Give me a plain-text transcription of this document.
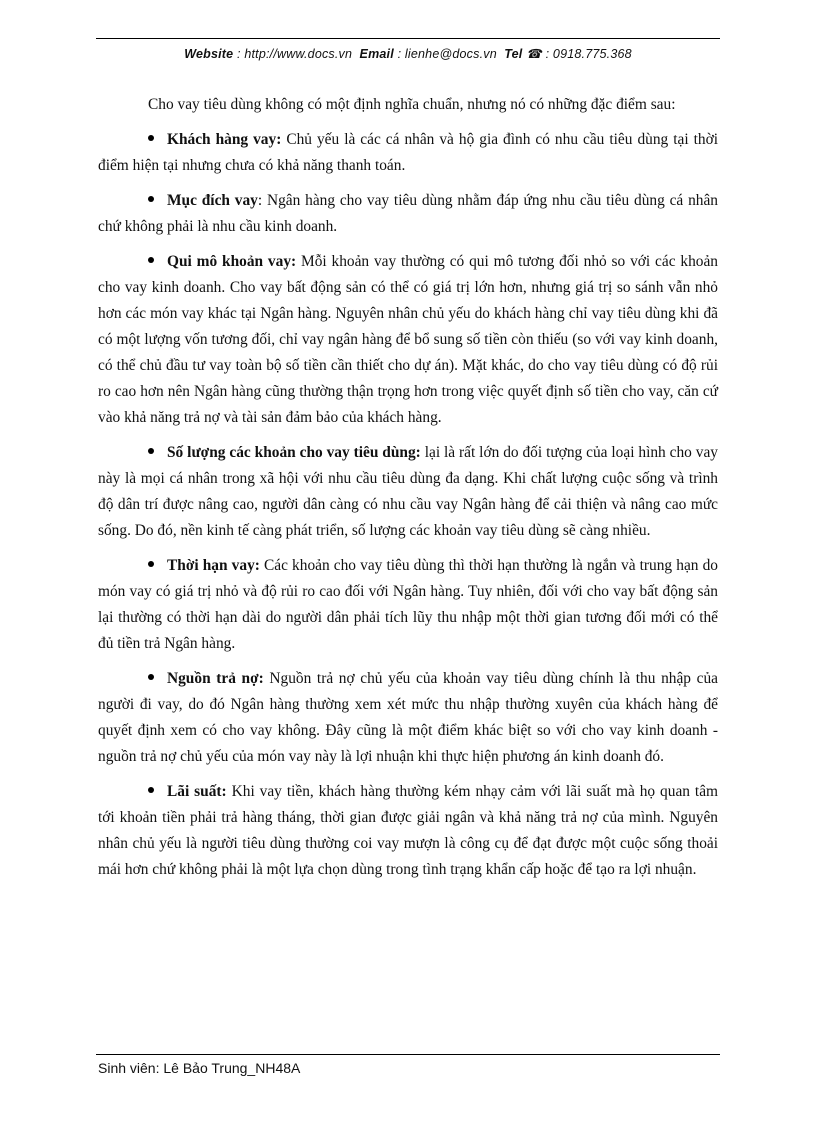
Website : http://www.docs.vn Email : lienhe@docs.vn Tel ☎ : 0918.775.368

Cho vay tiêu dùng không có một định nghĩa chuẩn, nhưng nó có những đặc điểm sau:

Khách hàng vay: Chủ yếu là các cá nhân và hộ gia đình có nhu cầu tiêu dùng tại thời điểm hiện tại nhưng chưa có khả năng thanh toán.

Mục đích vay: Ngân hàng cho vay tiêu dùng nhằm đáp ứng nhu cầu tiêu dùng cá nhân chứ không phải là nhu cầu kinh doanh.

Qui mô khoản vay: Mỗi khoản vay thường có qui mô tương đối nhỏ so với các khoản cho vay kinh doanh. Cho vay bất động sản có thể có giá trị lớn hơn, nhưng giá trị so sánh vẫn nhỏ hơn các món vay khác tại Ngân hàng. Nguyên nhân chủ yếu do khách hàng chỉ vay tiêu dùng khi đã có một lượng vốn tương đối, chỉ vay ngân hàng để bổ sung số tiền còn thiếu (so với vay kinh doanh, có thể chủ đầu tư vay toàn bộ số tiền cần thiết cho dự án). Mặt khác, do cho vay tiêu dùng có độ rủi ro cao hơn nên Ngân hàng cũng thường thận trọng hơn trong việc quyết định số tiền cho vay, căn cứ vào khả năng trả nợ và tài sản đảm bảo của khách hàng.

Số lượng các khoản cho vay tiêu dùng: lại là rất lớn do đối tượng của loại hình cho vay này là mọi cá nhân trong xã hội với nhu cầu tiêu dùng đa dạng. Khi chất lượng cuộc sống và trình độ dân trí được nâng cao, người dân càng có nhu cầu vay Ngân hàng để cải thiện và nâng cao mức sống. Do đó, nền kinh tế càng phát triển, số lượng các khoản vay tiêu dùng sẽ càng nhiều.

Thời hạn vay: Các khoản cho vay tiêu dùng thì thời hạn thường là ngắn và trung hạn do món vay có giá trị nhỏ và độ rủi ro cao đối với Ngân hàng. Tuy nhiên, đối với cho vay bất động sản lại thường có thời hạn dài do người dân phải tích lũy thu nhập một thời gian tương đối mới có thể đủ tiền trả Ngân hàng.

Nguồn trả nợ: Nguồn trả nợ chủ yếu của khoản vay tiêu dùng chính là thu nhập của người đi vay, do đó Ngân hàng thường xem xét mức thu nhập thường xuyên của khách hàng để quyết định xem có cho vay không. Đây cũng là một điểm khác biệt so với cho vay kinh doanh -nguồn trả nợ chủ yếu của món vay này là lợi nhuận khi thực hiện phương án kinh doanh đó.

Lãi suất: Khi vay tiền, khách hàng thường kém nhạy cảm với lãi suất mà họ quan tâm tới khoản tiền phải trả hàng tháng, thời gian được giải ngân và khả năng trả nợ của mình. Nguyên nhân chủ yếu là người tiêu dùng thường coi vay mượn là công cụ để đạt được một cuộc sống thoải mái hơn chứ không phải là một lựa chọn dùng trong tình trạng khẩn cấp hoặc để tạo ra lợi nhuận.

Sinh viên: Lê Bảo Trung_NH48A
